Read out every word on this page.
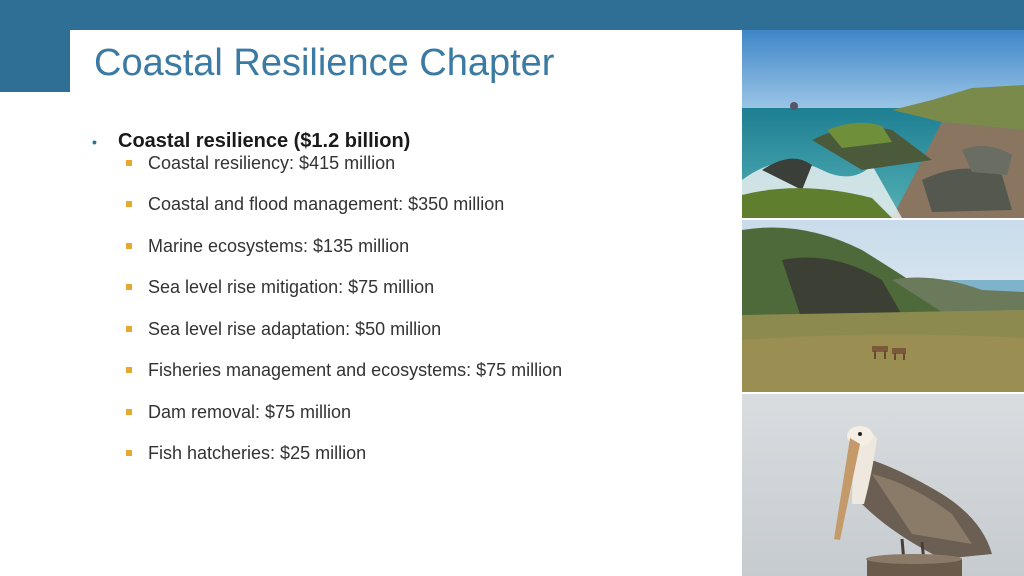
Coastal Resilience Chapter
•	Coastal resilience ($1.2 billion)
Coastal resiliency: $415 million
Coastal and flood management: $350 million
Marine ecosystems: $135 million
Sea level rise mitigation: $75 million
Sea level rise adaptation: $50 million
Fisheries management and ecosystems: $75 million
Dam removal: $75 million
Fish hatcheries: $25 million
